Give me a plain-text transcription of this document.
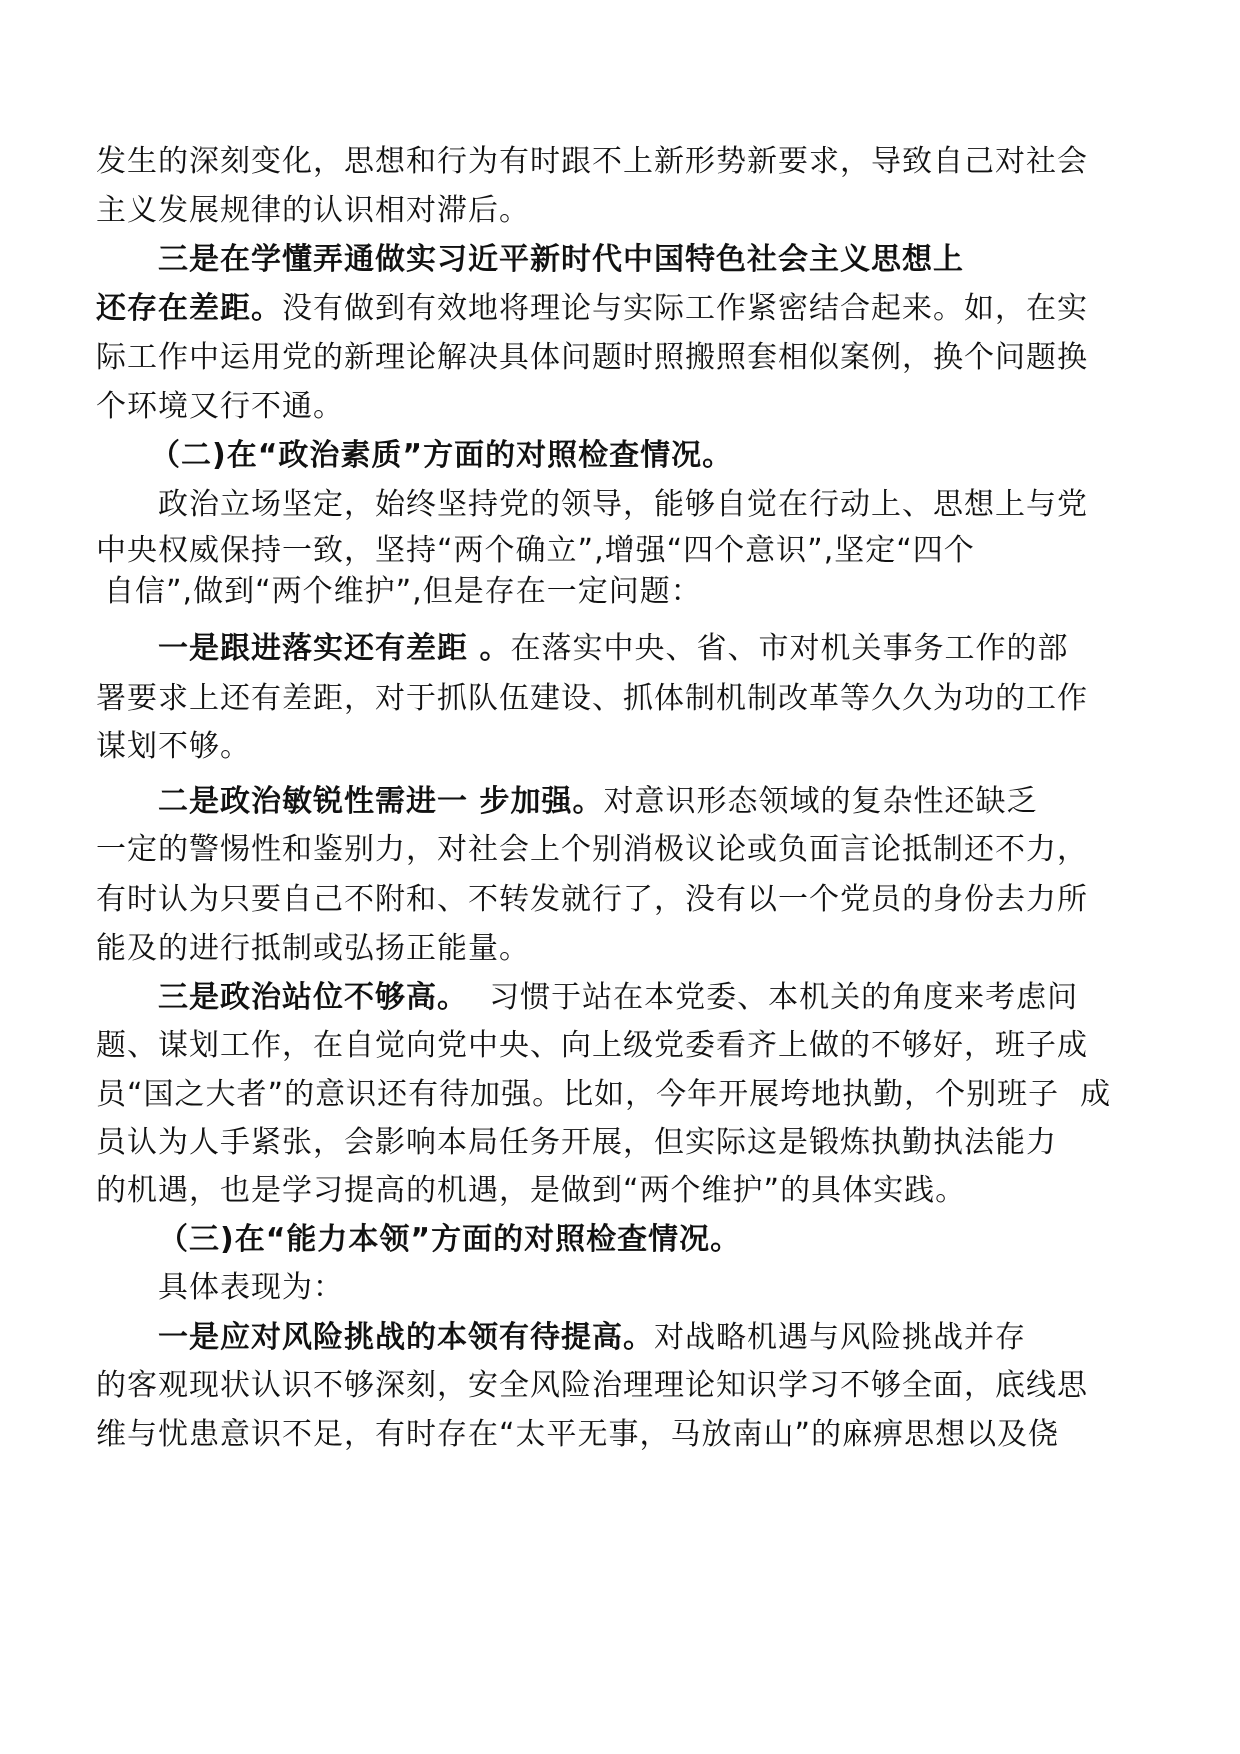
发生的深刻变化，思想和行为有时跟不上新形势新要求，导致自己对社会
主义发展规律的认识相对滞后。
三是在学懂弄通做实习近平新时代中国特色社会主义思想上
还存在差距。没有做到有效地将理论与实际工作紧密结合起来。如，在实
际工作中运用党的新理论解决具体问题时照搬照套相似案例，换个问题换
个环境又行不通。
（二)在“政治素质”方面的对照检查情况。
政治立场坚定，始终坚持党的领导，能够自觉在行动上、思想上与党
中央权威保持一致，坚持“两个确立”,增强“四个意识”,坚定“四个
自信”,做到“两个维护”,但是存在一定问题：
一是跟进落实还有差距 。在落实中央、省、市对机关事务工作的部
署要求上还有差距，对于抓队伍建设、抓体制机制改革等久久为功的工作
谋划不够。
二是政治敏锐性需进一 步加强。对意识形态领域的复杂性还缺乏
一定的警惕性和鉴别力，对社会上个别消极议论或负面言论抵制还不力，
有时认为只要自己不附和、不转发就行了，没有以一个党员的身份去力所
能及的进行抵制或弘扬正能量。
三是政治站位不够高。  习惯于站在本党委、本机关的角度来考虑问
题、谋划工作，在自觉向党中央、向上级党委看齐上做的不够好，班子成
员“国之大者”的意识还有待加强。比如，今年开展垮地执勤，个别班子  成
员认为人手紧张，会影响本局任务开展，但实际这是锻炼执勤执法能力
的机遇，也是学习提高的机遇，是做到“两个维护”的具体实践。
（三)在“能力本领”方面的对照检查情况。
具体表现为：
一是应对风险挑战的本领有待提高。对战略机遇与风险挑战并存
的客观现状认识不够深刻，安全风险治理理论知识学习不够全面，底线思
维与忧患意识不足，有时存在“太平无事，马放南山”的麻痹思想以及侥
